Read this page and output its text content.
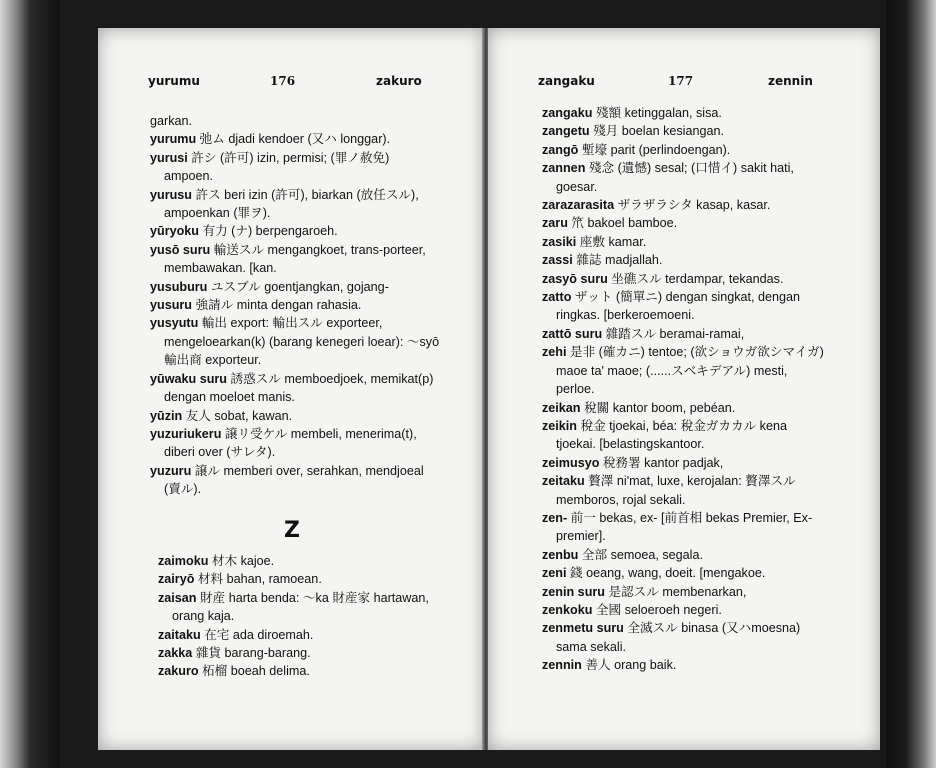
yurumu	176	zakuro
garkan.
yurumu 弛ム djadi kendoer (又ハ longgar).
yurusi 許シ (許可) izin, permisi; (罪ノ赦免) ampoen.
yurusu 許ス beri izin (許可), biarkan (放任スル), ampoenkan (罪ヲ).
yūryoku 有力 (ナ) berpengaroeh.
yusō suru 輸送スル mengangkoet, trans-porteer, membawakan. [kan.
yusuburu ユスブル goentjangkan, gojang-
yusuru 強請ル minta dengan rahasia.
yusyutu 輸出 export: 輸出スル exporteer, mengeloearkan(k) (barang kenegeri loear): ～syō 輸出商 exporteur.
yūwaku suru 誘惑スル memboedjoek, memikat(p) dengan moeloet manis.
yūzin 友人 sobat, kawan.
yuzuriukeru 譲リ受ケル membeli, menerima(t), diberi over (サレタ).
yuzuru 譲ル memberi over, serahkan, mendjoeal (賣ル).
Z
zaimoku 材木 kajoe.
zairyō 材料 bahan, ramoean.
zaisan 財産 harta benda: ～ka 財産家 hartawan, orang kaja.
zaitaku 在宅 ada diroemah.
zakka 雜貨 barang-barang.
zakuro 柘榴 boeah delima.
zangaku	177	zennin
zangaku 殘額 ketinggalan, sisa.
zangetu 殘月 boelan kesiangan.
zangō 塹壕 parit (perlindoengan).
zannen 殘念 (遺憾) sesal; (口惜イ) sakit hati, goesar.
zarazarasita ザラザラシタ kasap, kasar.
zaru 笊 bakoel bamboe.
zasiki 座敷 kamar.
zassi 雜誌 madjallah.
zasyō suru 坐礁スル terdampar, tekandas.
zatto ザット (簡單ニ) dengan singkat, dengan ringkas. [berkeroemoeni.
zattō suru 雜踏スル beramai-ramai,
zehi 是非 (確カニ) tentoe; (欲ショウガ欲シマイガ) maoe ta' maoe; (......スベキデアル) mesti, perloe.
zeikan 稅關 kantor boom, pebéan.
zeikin 稅金 tjoekai, béa: 稅金ガカカル kena tjoekai. [belastingskantoor.
zeimusyo 稅務署 kantor padjak,
zeitaku 贅澤 ni'mat, luxe, kerojalan: 贅澤スル memboros, rojal sekali.
zen- 前一 bekas, ex- [前首相 bekas Premier, Ex-premier].
zenbu 全部 semoea, segala.
zeni 錢 oeang, wang, doeit. [mengakoe.
zenin suru 是認スル membenarkan,
zenkoku 全國 seloeroeh negeri.
zenmetu suru 全滅スル binasa (又ハmoesna) sama sekali.
zennin 善人 orang baik.
